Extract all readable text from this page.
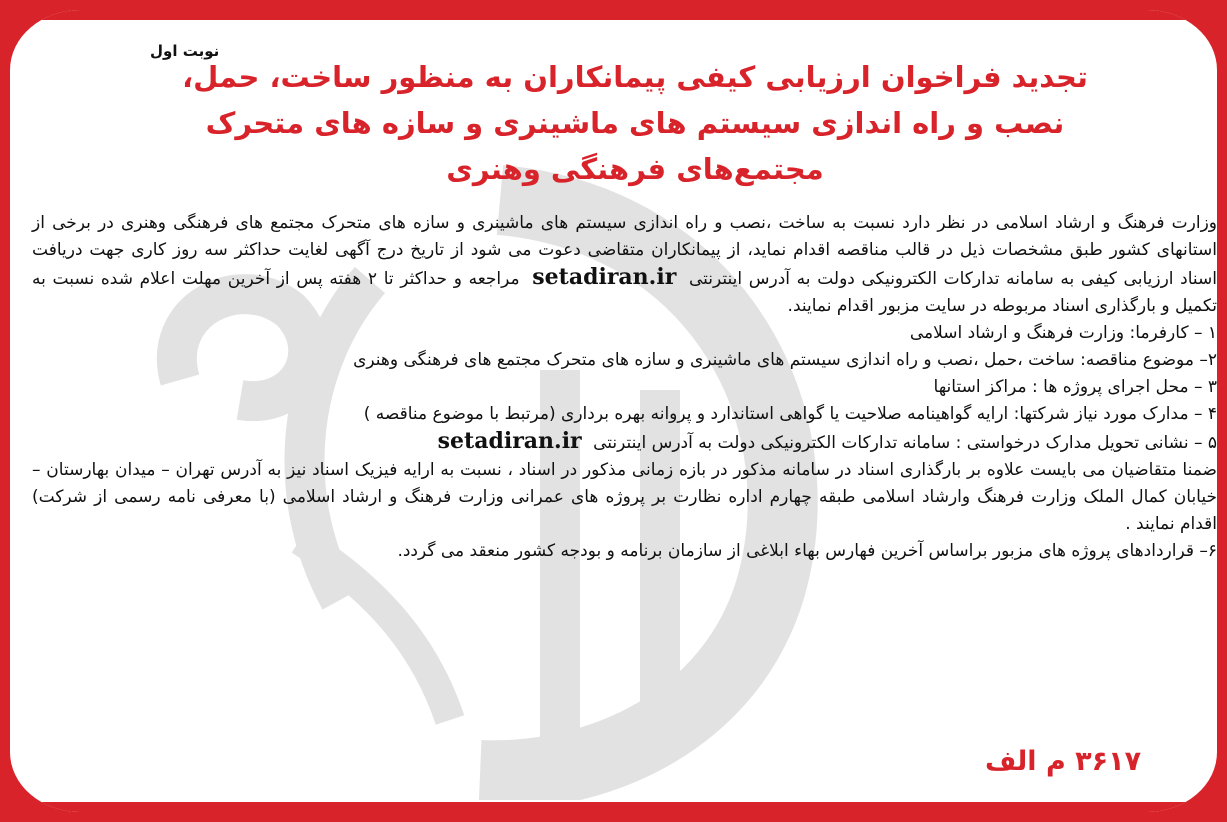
نوبت اول
تجدید فراخوان ارزیابی کیفی پیمانکاران به منظور ساخت، حمل،
نصب و راه اندازی سیستم های ماشینری و سازه های متحرک
مجتمع‌های فرهنگی وهنری

وزارت فرهنگ و ارشاد اسلامی در نظر دارد نسبت به ساخت ،نصب و راه اندازی سیستم های ماشینری و سازه های متحرک مجتمع های فرهنگی وهنری در برخی از استانهای کشور طبق مشخصات ذیل در قالب مناقصه اقدام نماید، از پیمانکاران متقاضی دعوت می شود از تاریخ درج آگهی لغایت حداکثر سه روز کاری جهت دریافت اسناد ارزیابی کیفی به سامانه تدارکات الکترونیکی دولت به آدرس اینترنتی setadiran.ir مراجعه و حداکثر تا ۲ هفته پس از آخرین مهلت اعلام شده نسبت به تکمیل و بارگذاری اسناد مربوطه در سایت مزبور اقدام نمایند.

۱ – کارفرما: وزارت فرهنگ و ارشاد اسلامی

۲– موضوع مناقصه: ساخت ،حمل ،نصب و راه اندازی سیستم های ماشینری و سازه های متحرک مجتمع های فرهنگی وهنری

۳ – محل اجرای پروژه ها : مراکز استانها

۴ – مدارک مورد نیاز شرکتها: ارایه گواهینامه صلاحیت یا گواهی استاندارد و پروانه بهره برداری (مرتبط با موضوع مناقصه )

۵ – نشانی تحویل مدارک درخواستی : سامانه تدارکات الکترونیکی دولت به آدرس اینترنتی setadiran.ir

ضمنا متقاضیان می بایست علاوه بر بارگذاری اسناد در سامانه مذکور در بازه زمانی مذکور در اسناد ، نسبت به ارایه فیزیک اسناد نیز به آدرس تهران – میدان بهارستان – خیابان کمال الملک وزارت فرهنگ وارشاد اسلامی طبقه چهارم اداره نظارت بر پروژه های عمرانی وزارت فرهنگ و ارشاد اسلامی (با معرفی نامه رسمی از شرکت) اقدام نمایند .

۶– قراردادهای پروژه های مزبور براساس آخرین فهارس بهاء ابلاغی از سازمان برنامه و بودجه کشور منعقد می گردد.

۳۶۱۷ م الف
